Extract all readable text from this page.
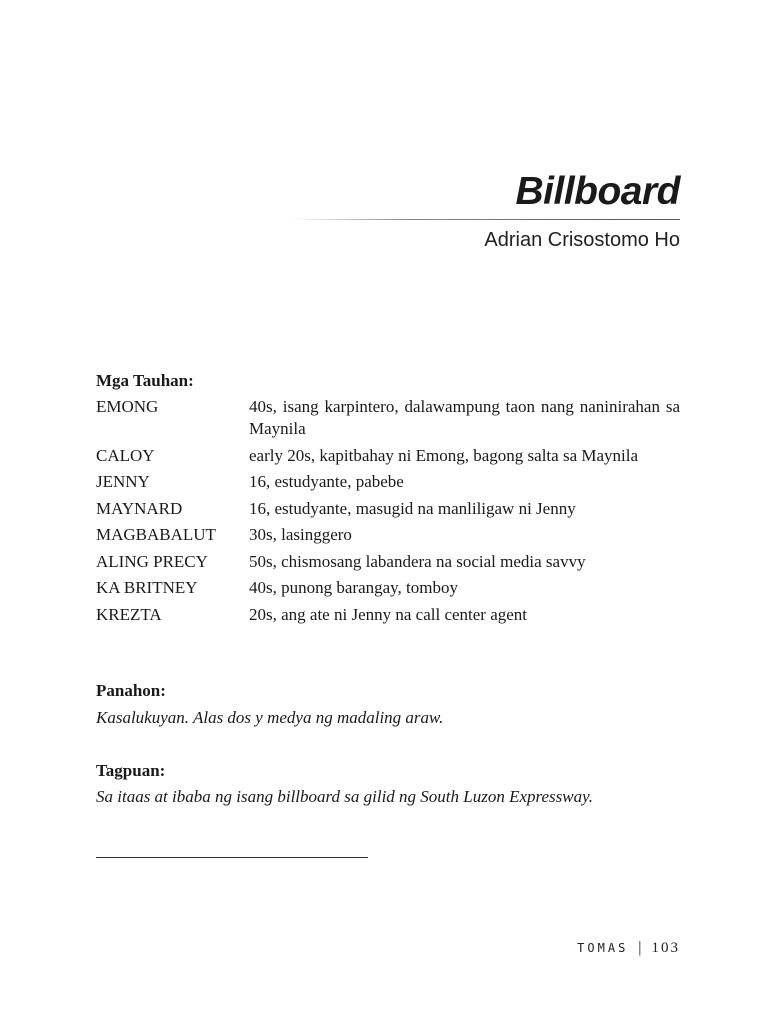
Billboard
Adrian Crisostomo Ho
Mga Tauhan:
EMONG	40s, isang karpintero, dalawampung taon nang naninirahan sa Maynila
CALOY	early 20s, kapitbahay ni Emong, bagong salta sa Maynila
JENNY	16, estudyante, pabebe
MAYNARD	16, estudyante, masugid na manliligaw ni Jenny
MAGBABALUT	30s, lasinggero
ALING PRECY	50s, chismosang labandera na social media savvy
KA BRITNEY	40s, punong barangay, tomboy
KREZTA	20s, ang ate ni Jenny na call center agent
Panahon:

Kasalukuyan. Alas dos y medya ng madaling araw.

Tagpuan:

Sa itaas at ibaba ng isang billboard sa gilid ng South Luzon Expressway.

TOMAS | 103
